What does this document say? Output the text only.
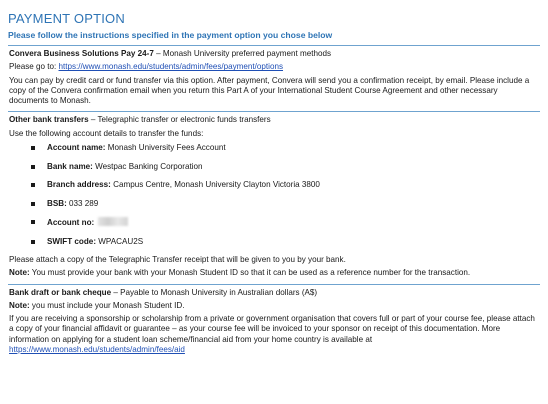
PAYMENT OPTION

Please follow the instructions specified in the payment option you chose below

Convera Business Solutions Pay 24-7 – Monash University preferred payment methods

Please go to: https://www.monash.edu/students/admin/fees/payment/options

You can pay by credit card or fund transfer via this option. After payment, Convera will send you a confirmation receipt, by email. Please include a copy of the Convera confirmation email when you return this Part A of your International Student Course Agreement and other necessary documents to Monash.

Other bank transfers – Telegraphic transfer or electronic funds transfers

Use the following account details to transfer the funds:

Account name: Monash University Fees Account
Bank name: Westpac Banking Corporation
Branch address: Campus Centre, Monash University Clayton Victoria 3800
BSB: 033 289
Account no:
SWIFT code: WPACAU2S

Please attach a copy of the Telegraphic Transfer receipt that will be given to you by your bank.

Note: You must provide your bank with your Monash Student ID so that it can be used as a reference number for the transaction.

Bank draft or bank cheque – Payable to Monash University in Australian dollars (A$)

Note: you must include your Monash Student ID.

If you are receiving a sponsorship or scholarship from a private or government organisation that covers full or part of your course fee, please attach a copy of your financial affidavit or guarantee – as your course fee will be invoiced to your sponsor on receipt of this documentation. More information on applying for a student loan scheme/financial aid from your home country is available at https://www.monash.edu/students/admin/fees/aid
